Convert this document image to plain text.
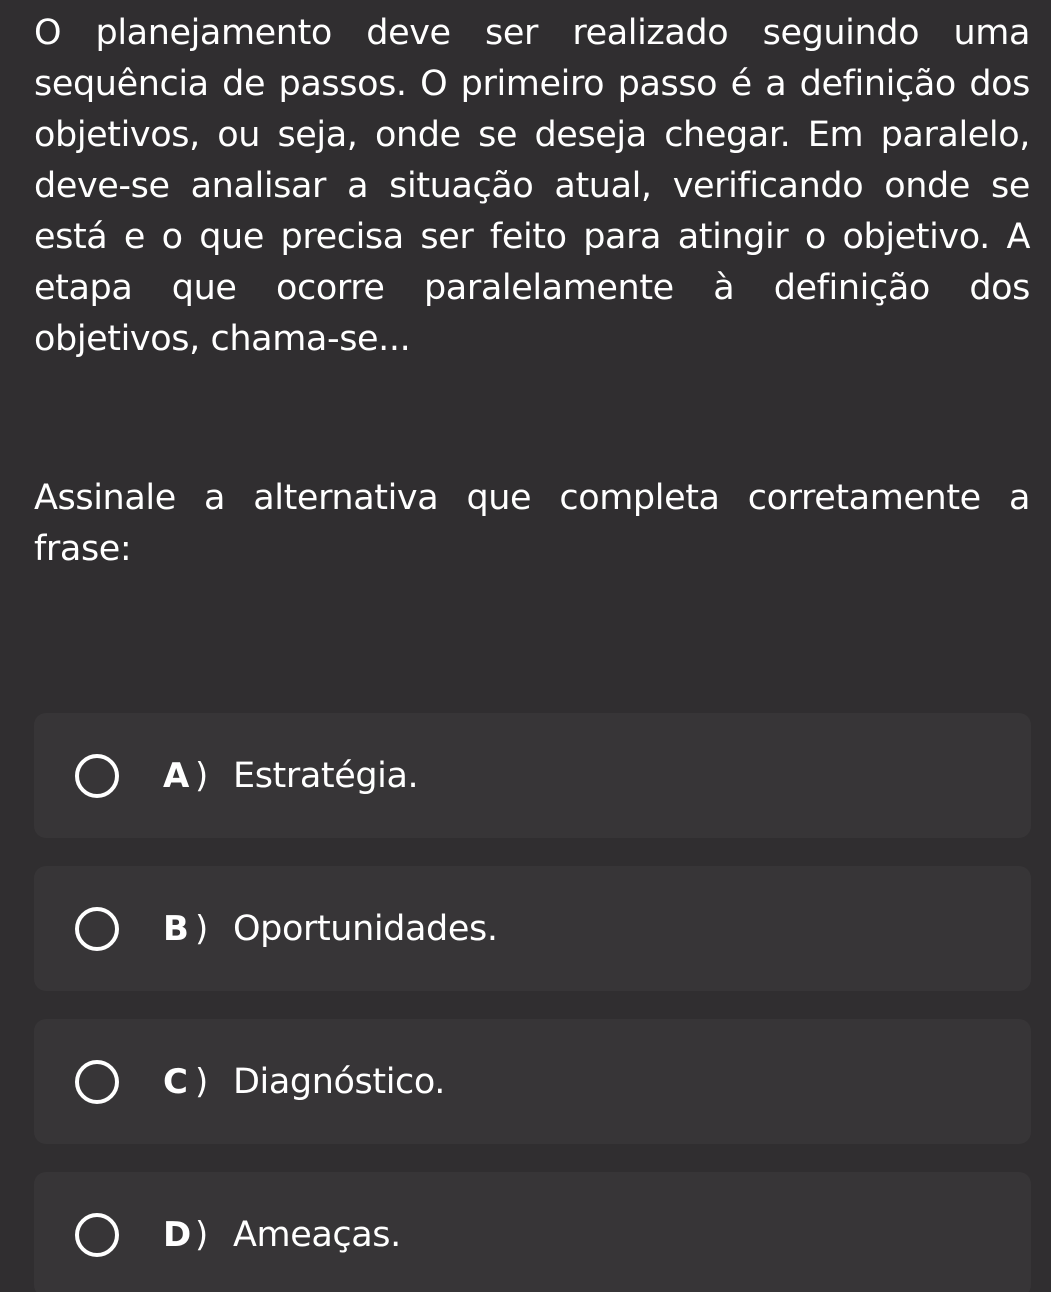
O planejamento deve ser realizado seguindo uma sequência de passos. O primeiro passo é a definição dos objetivos, ou seja, onde se deseja chegar. Em paralelo, deve-se analisar a situação atual, verificando onde se está e o que precisa ser feito para atingir o objetivo. A etapa que ocorre paralelamente à definição dos objetivos, chama-se...

Assinale a alternativa que completa corretamente a frase:

A ) Estratégia.
B ) Oportunidades.
C ) Diagnóstico.
D ) Ameaças.
